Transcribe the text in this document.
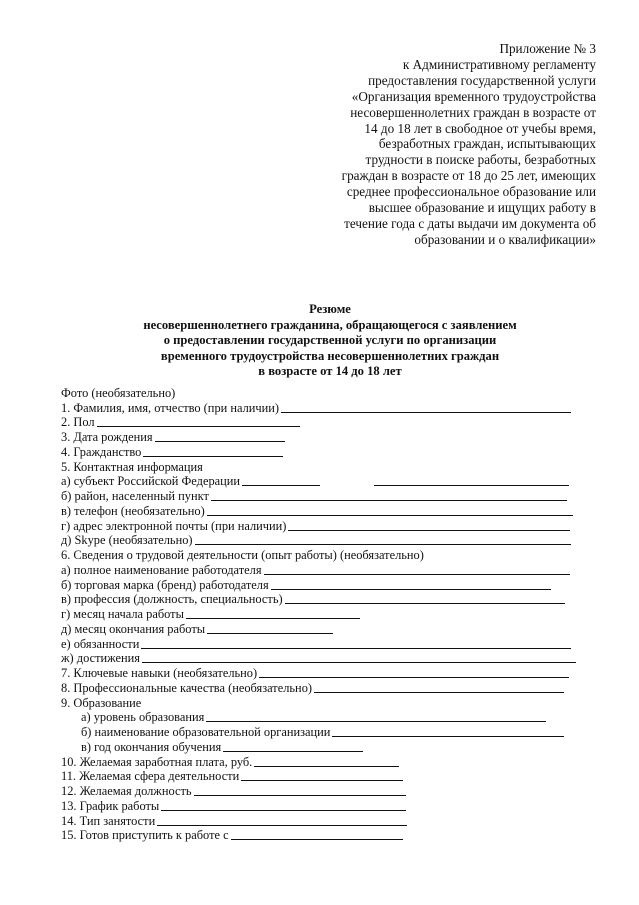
Приложение № 3
к Административному регламенту
предоставления государственной услуги
«Организация временного трудоустройства
несовершеннолетних граждан в возрасте от
14 до 18 лет в свободное от учебы время,
безработных граждан, испытывающих
трудности в поиске работы, безработных
граждан в возрасте от 18 до 25 лет, имеющих
среднее профессиональное образование или
высшее образование и ищущих работу в
течение года с даты выдачи им документа об
образовании и о квалификации»
Резюме
несовершеннолетнего гражданина, обращающегося с заявлением
о предоставлении государственной услуги по организации
временного трудоустройства несовершеннолетних граждан
в возрасте от 14 до 18 лет
Фото (необязательно)
1. Фамилия, имя, отчество (при наличии)
2. Пол
3. Дата рождения
4. Гражданство
5. Контактная информация
а) субъект Российской Федерации
б) район, населенный пункт
в) телефон (необязательно)
г) адрес электронной почты (при наличии)
д) Skype (необязательно)
6. Сведения о трудовой деятельности (опыт работы) (необязательно)
а) полное наименование работодателя
б) торговая марка (бренд) работодателя
в) профессия (должность, специальность)
г) месяц начала работы
д) месяц окончания работы
е) обязанности
ж) достижения
7. Ключевые навыки (необязательно)
8. Профессиональные качества (необязательно)
9. Образование
а) уровень образования
б) наименование образовательной организации
в) год окончания обучения
10. Желаемая заработная плата, руб.
11. Желаемая сфера деятельности
12. Желаемая должность
13. График работы
14. Тип занятости
15. Готов приступить к работе с
